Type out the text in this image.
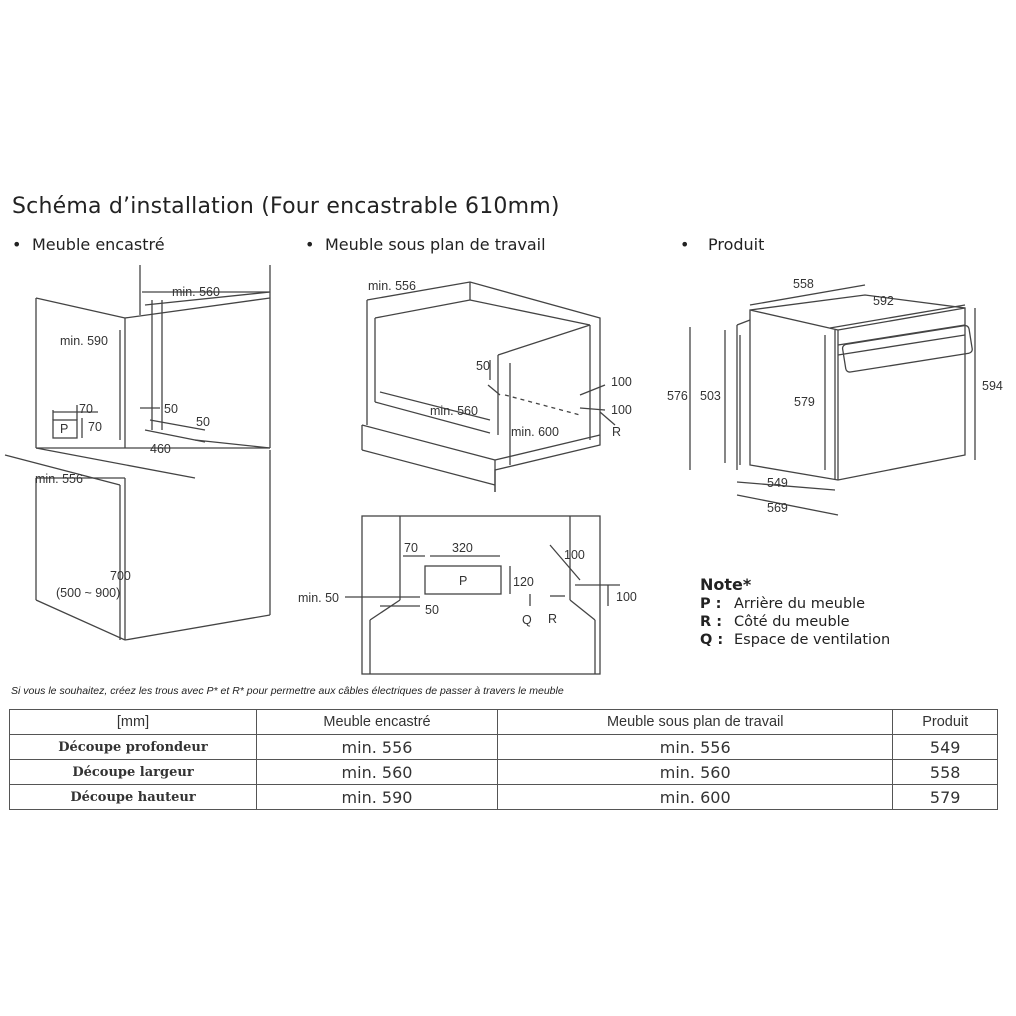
Schéma d’installation (Four encastrable 610mm)
• Meuble encastré	• Meuble sous plan de travail	• Produit
min. 560
min. 590
70
70
P
50
50
460
min. 556
700
(500 ~ 900)
min. 556
50
min. 560
min. 600
100
100
R
70	320
P	120
min. 50
50
Q R
100
100
558
592
576 503	579
594
549
569
Note*
P : Arrière du meuble
R : Côté du meuble
Q : Espace de ventilation
Si vous le souhaitez, créez les trous avec P* et R* pour permettre aux câbles électriques de passer à travers le meuble
[mm]	Meuble encastré	Meuble sous plan de travail	Produit
Découpe profondeur	min. 556	min. 556	549
Découpe largeur	min. 560	min. 560	558
Découpe hauteur	min. 590	min. 600	579
